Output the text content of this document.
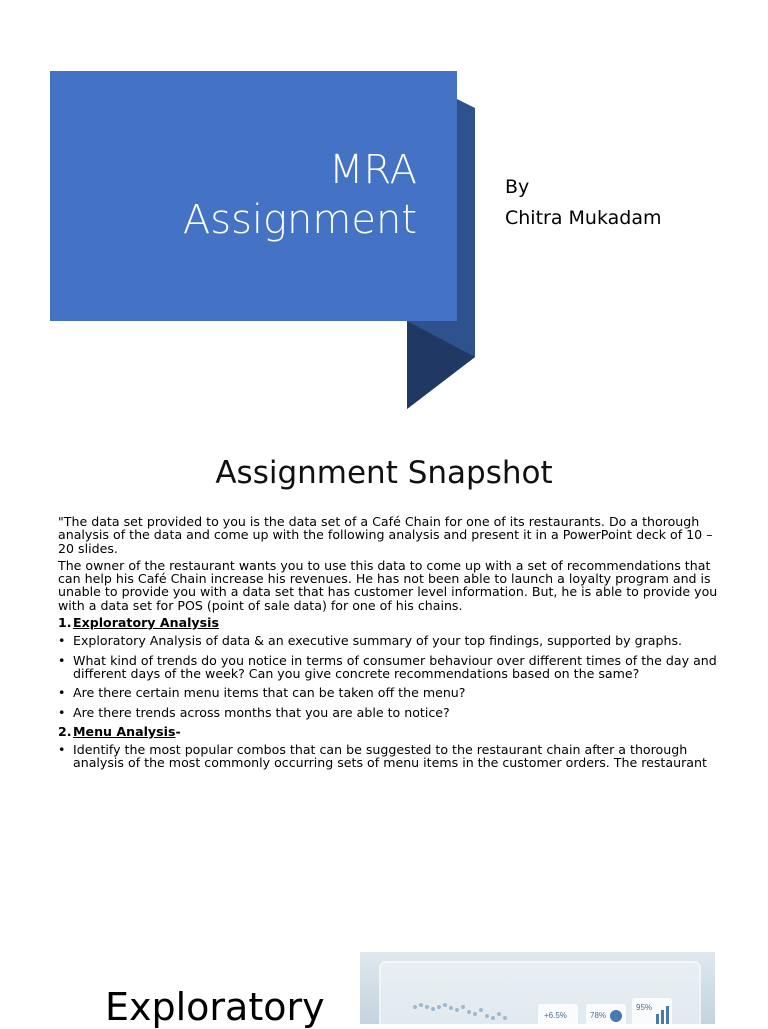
MRA
Assignment
By
Chitra Mukadam
Assignment Snapshot

"The data set provided to you is the data set of a Café Chain for one of its restaurants. Do a thorough analysis of the data and come up with the following analysis and present it in a PowerPoint deck of 10 – 20 slides.

The owner of the restaurant wants you to use this data to come up with a set of recommendations that can help his Café Chain increase his revenues. He has not been able to launch a loyalty program and is unable to provide you with a data set that has customer level information. But, he is able to provide you with a data set for POS (point of sale data) for one of his chains.

1. Exploratory Analysis
• Exploratory Analysis of data & an executive summary of your top findings, supported by graphs.
• What kind of trends do you notice in terms of consumer behaviour over different times of the day and different days of the week? Can you give concrete recommendations based on the same?
• Are there certain menu items that can be taken off the menu?
• Are there trends across months that you are able to notice?
2. Menu Analysis-
• Identify the most popular combos that can be suggested to the restaurant chain after a thorough analysis of the most commonly occurring sets of menu items in the customer orders. The restaurant
Exploratory	+6.5%	78%
95%
